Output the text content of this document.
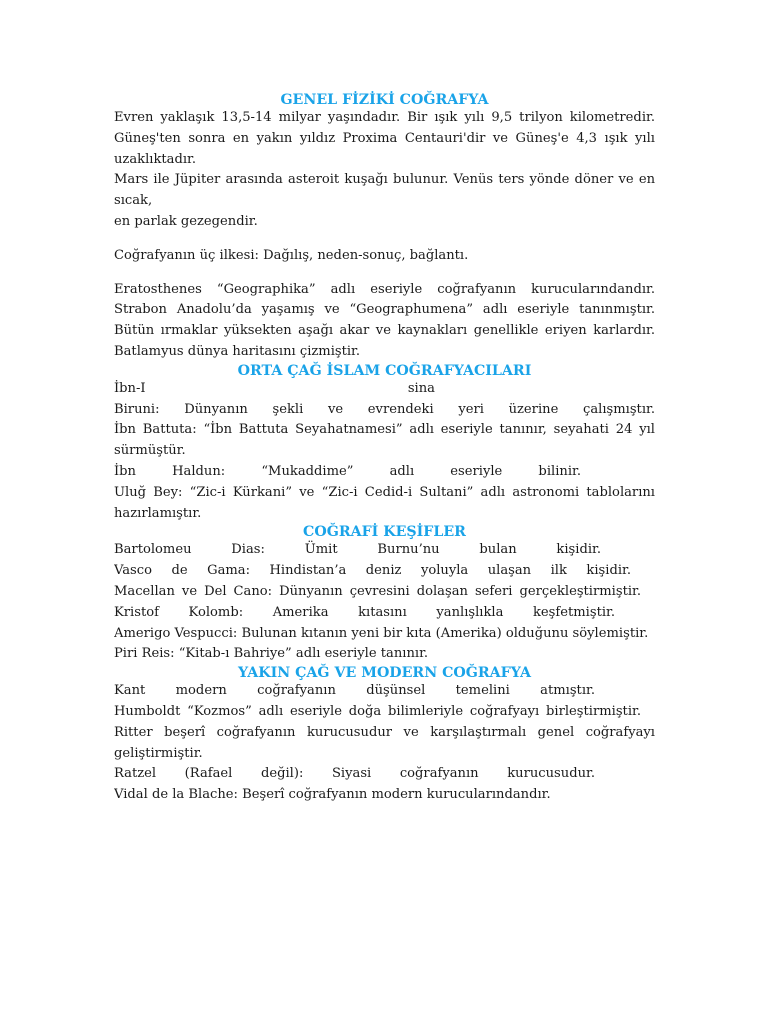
GENEL FİZİKİ COĞRAFYA
Evren yaklaşık 13,5-14 milyar yaşındadır. Bir ışık yılı 9,5 trilyon kilometredir.
Güneş'ten sonra en yakın yıldız Proxima Centauri'dir ve Güneş'e 4,3 ışık yılı
uzaklıktadır.
Mars ile Jüpiter arasında asteroit kuşağı bulunur. Venüs ters yönde döner ve en
sıcak,
en parlak gezegendir.
Coğrafyanın üç ilkesi: Dağılış, neden-sonuç, bağlantı.
Eratosthenes “Geographika” adlı eseriyle coğrafyanın kurucularındandır.
Strabon Anadolu’da yaşamış ve “Geographumena” adlı eseriyle tanınmıştır.
Bütün ırmaklar yüksekten aşağı akar ve kaynakları genellikle eriyen karlardır.
Batlamyus dünya haritasını çizmiştir.
ORTA ÇAĞ İSLAM COĞRAFYACILARI
İbn-I sina
Biruni: Dünyanın şekli ve evrendeki yeri üzerine çalışmıştır.
İbn Battuta: “İbn Battuta Seyahatnamesi” adlı eseriyle tanınır, seyahati 24 yıl
sürmüştür.
İbn Haldun: “Mukaddime” adlı eseriyle bilinir.
Uluğ Bey: “Zic-i Kürkani” ve “Zic-i Cedid-i Sultani” adlı astronomi tablolarını
hazırlamıştır.
COĞRAFİ KEŞİFLER
Bartolomeu Dias: Ümit Burnu’nu bulan kişidir.
Vasco de Gama: Hindistan’a deniz yoluyla ulaşan ilk kişidir.
Macellan ve Del Cano: Dünyanın çevresini dolaşan seferi gerçekleştirmiştir.
Kristof Kolomb: Amerika kıtasını yanlışlıkla keşfetmiştir.
Amerigo Vespucci: Bulunan kıtanın yeni bir kıta (Amerika) olduğunu söylemiştir.
Piri Reis: “Kitab-ı Bahriye” adlı eseriyle tanınır.
YAKIN ÇAĞ VE MODERN COĞRAFYA
Kant modern coğrafyanın düşünsel temelini atmıştır.
Humboldt “Kozmos” adlı eseriyle doğa bilimleriyle coğrafyayı birleştirmiştir.
Ritter beşerî coğrafyanın kurucusudur ve karşılaştırmalı genel coğrafyayı
geliştirmiştir.
Ratzel (Rafael değil): Siyasi coğrafyanın kurucusudur.
Vidal de la Blache: Beşerî coğrafyanın modern kurucularındandır.
